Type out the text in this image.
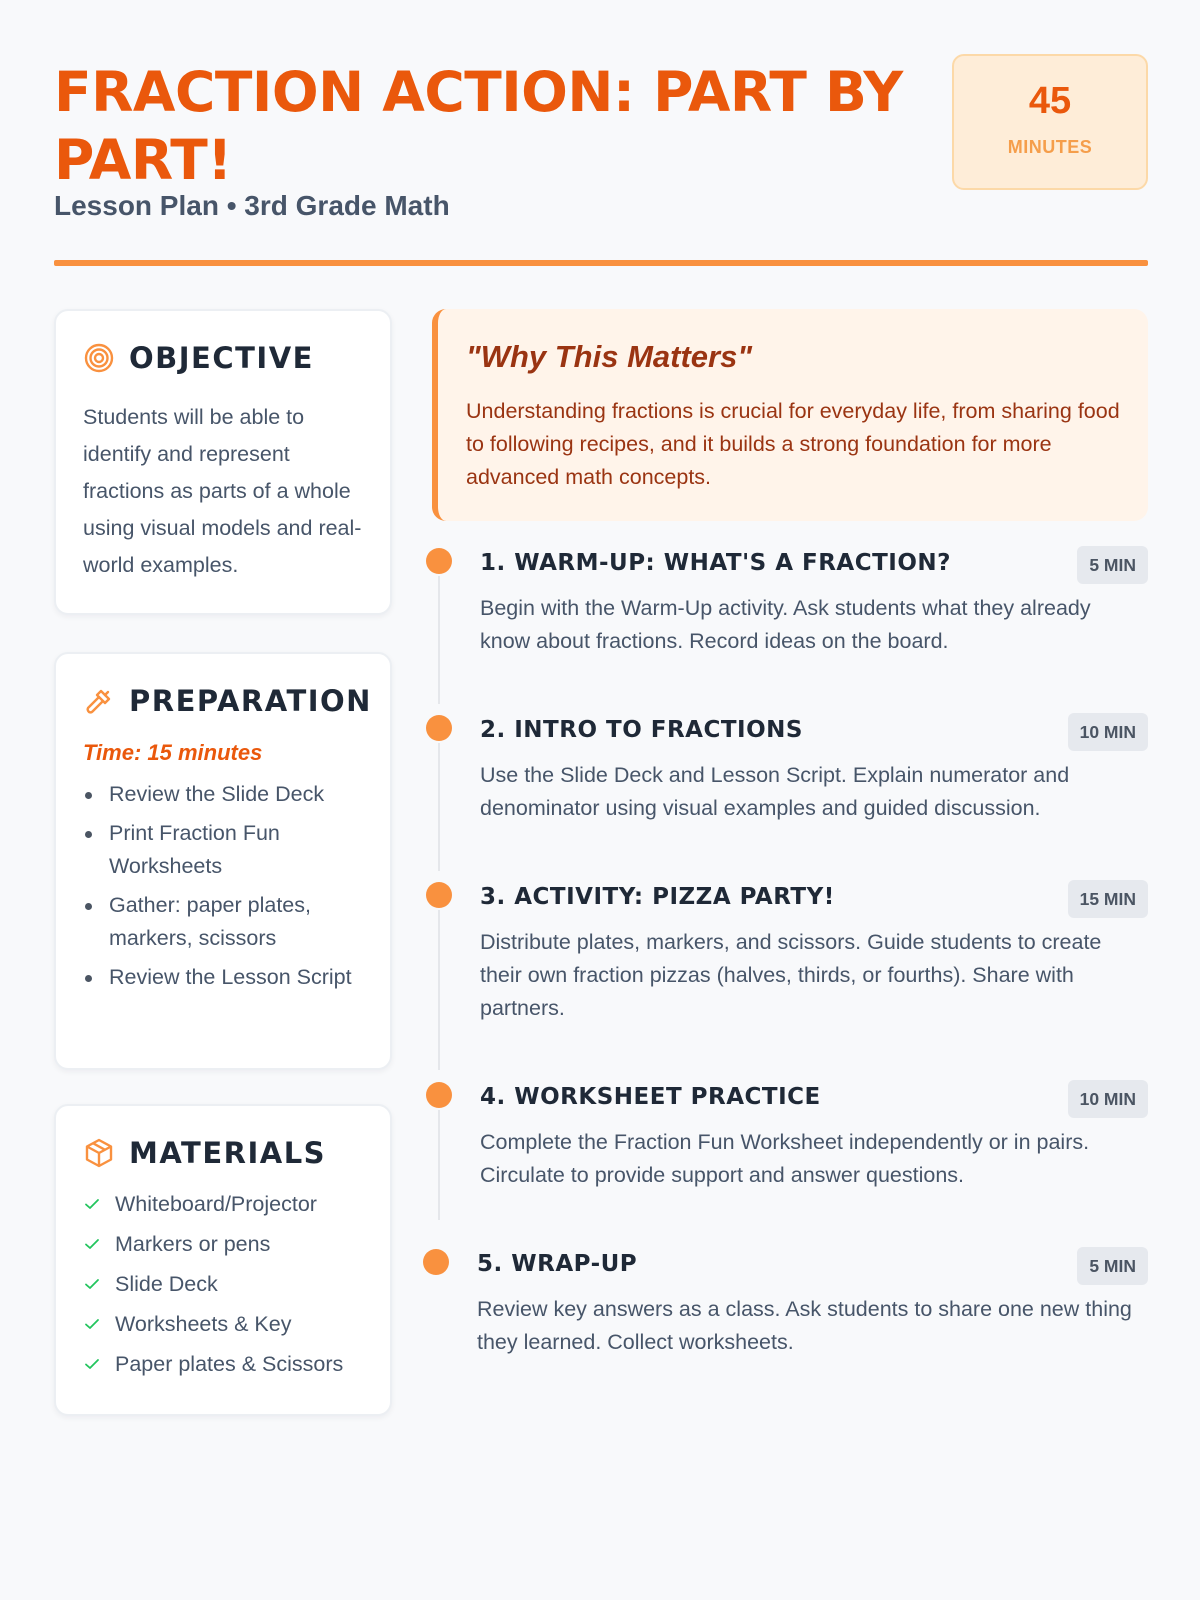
FRACTION ACTION: PART BY PART!
Lesson Plan • 3rd Grade Math
45
MINUTES
OBJECTIVE

Students will be able to identify and represent fractions as parts of a whole using visual models and real-world examples.

PREPARATION
Time: 15 minutes
Review the Slide Deck
Print Fraction Fun Worksheets
Gather: paper plates, markers, scissors
Review the Lesson Script
MATERIALS
Whiteboard/Projector
Markers or pens
Slide Deck
Worksheets & Key
Paper plates & Scissors
"Why This Matters"

Understanding fractions is crucial for everyday life, from sharing food to following recipes, and it builds a strong foundation for more advanced math concepts.

1. WARM-UP: WHAT'S A FRACTION?	5 MIN

Begin with the Warm-Up activity. Ask students what they already know about fractions. Record ideas on the board.

2. INTRO TO FRACTIONS	10 MIN

Use the Slide Deck and Lesson Script. Explain numerator and denominator using visual examples and guided discussion.

3. ACTIVITY: PIZZA PARTY!	15 MIN

Distribute plates, markers, and scissors. Guide students to create their own fraction pizzas (halves, thirds, or fourths). Share with partners.

4. WORKSHEET PRACTICE	10 MIN

Complete the Fraction Fun Worksheet independently or in pairs. Circulate to provide support and answer questions.

5. WRAP-UP	5 MIN

Review key answers as a class. Ask students to share one new thing they learned. Collect worksheets.
